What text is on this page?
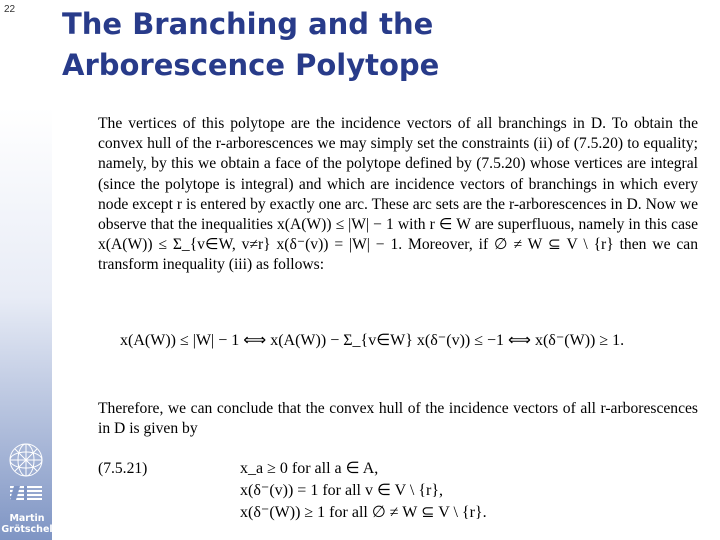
22
Martin
Grötschel
The Branching and the
Arborescence Polytope

The vertices of this polytope are the incidence vectors of all branchings in D. To obtain the convex hull of the r-arborescences we may simply set the constraints (ii) of (7.5.20) to equality; namely, by this we obtain a face of the polytope defined by (7.5.20) whose vertices are integral (since the polytope is integral) and which are incidence vectors of branchings in which every node except r is entered by exactly one arc. These arc sets are the r-arborescences in D. Now we observe that the inequalities x(A(W)) ≤ |W| − 1 with r ∈ W are superfluous, namely in this case x(A(W)) ≤ Σ_{v∈W, v≠r} x(δ⁻(v)) = |W| − 1. Moreover, if ∅ ≠ W ⊆ V \ {r} then we can transform inequality (iii) as follows:

x(A(W)) ≤ |W| − 1 ⟺ x(A(W)) − Σ_{v∈W} x(δ⁻(v)) ≤ −1 ⟺ x(δ⁻(W)) ≥ 1.

Therefore, we can conclude that the convex hull of the incidence vectors of all r-arborescences in D is given by

(7.5.21)	x_a ≥ 0 for all a ∈ A,
x(δ⁻(v)) = 1 for all v ∈ V \ {r},
x(δ⁻(W)) ≥ 1 for all ∅ ≠ W ⊆ V \ {r}.
